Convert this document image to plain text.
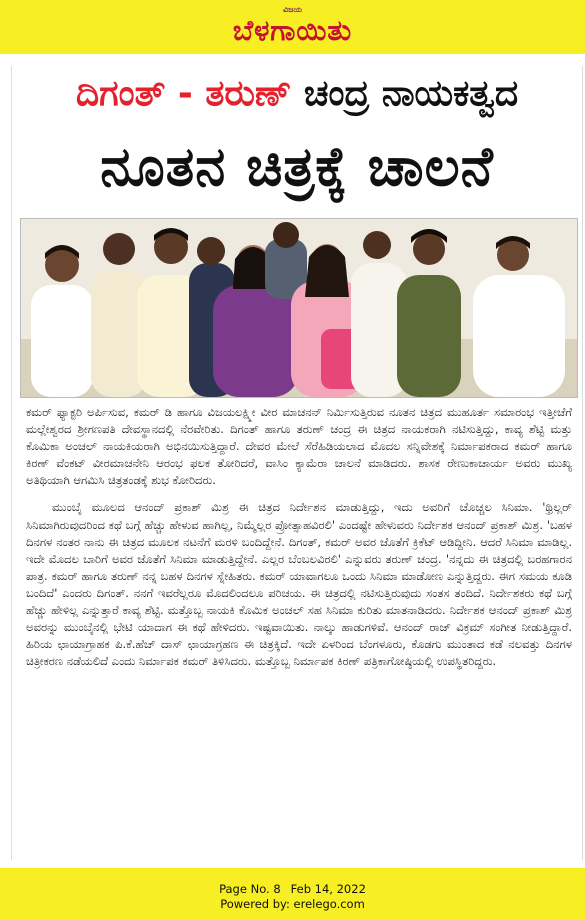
ವಿಜಯ
ಬೆಳಗಾಯಿತು
ದಿಗಂತ್ - ತರುಣ್ ಚಂದ್ರ ನಾಯಕತ್ವದ
ನೂತನ ಚಿತ್ರಕ್ಕೆ ಚಾಲನೆ

ಕಮರ್ ಫ್ಯಾಕ್ಟರಿ ಅರ್ಪಿಸುವ, ಕಮರ್ ಡಿ ಹಾಗೂ ವಿಜಯಲಕ್ಷ್ಮೀ ವೀರ ಮಾಚನನ್ ನಿರ್ಮಿಸುತ್ತಿರುವ ನೂತನ ಚಿತ್ರದ ಮುಹೂರ್ತ ಸಮಾರಂಭ ಇತ್ತೀಚೆಗೆ ಮಲ್ಲೇಶ್ವರದ ಶ್ರೀಗಣಪತಿ ದೇವಸ್ಥಾನದಲ್ಲಿ ನೆರವೇರಿತು. ದಿಗಂತ್ ಹಾಗೂ ತರುಣ್ ಚಂದ್ರ ಈ ಚಿತ್ರದ ನಾಯಕರಾಗಿ ನಟಿಸುತ್ತಿದ್ದು, ಕಾವ್ಯ ಶೆಟ್ಟಿ ಮತ್ತು ಕೊಮಿಕಾ ಅಂಚಲ್ ನಾಯಕಿಯರಾಗಿ ಅಭಿನಯಿಸುತ್ತಿದ್ದಾರೆ. ದೇವರ ಮೇಲೆ ಸೆರೆಹಿಡಿಯಲಾದ ಮೊದಲ ಸನ್ನಿವೇಶಕ್ಕೆ ನಿರ್ಮಾಪಕರಾದ ಕಮರ್ ಹಾಗೂ ಕಿರಣ್ ವೆಂಕಟ್ ವೀರಮಾಚನೇನಿ ಆರಂಭ ಫಲಕ ತೋರಿದರೆ, ವಾಸಿಂ ಕ್ಯಾಮೆರಾ ಚಾಲನೆ ಮಾಡಿದರು. ಶಾಸಕ ರೇಣುಕಾಚಾರ್ಯ ಅವರು ಮುಖ್ಯ ಅತಿಥಿಯಾಗಿ ಆಗಮಿಸಿ ಚಿತ್ರತಂಡಕ್ಕೆ ಶುಭ ಕೋರಿದರು.

ಮುಂಬೈ ಮೂಲದ ಆನಂದ್ ಪ್ರಕಾಶ್ ಮಿಶ್ರ ಈ ಚಿತ್ರದ ನಿರ್ದೇಶನ ಮಾಡುತ್ತಿದ್ದು, ಇದು ಅವರಿಗೆ ಚೊಚ್ಚಲ ಸಿನಿಮಾ. 'ಥ್ರಿಲ್ಲರ್ ಸಿನಿಮಾಗಿರುವುದರಿಂದ ಕಥೆ ಬಗ್ಗೆ ಹೆಚ್ಚು ಹೇಳುವ ಹಾಗಿಲ್ಲ, ನಿಮ್ಮೆಲ್ಲರ ಪ್ರೋತ್ಸಾಹವಿರಲಿ' ಎಂದಷ್ಟೇ ಹೇಳುವರು ನಿರ್ದೇಶಕ ಆನಂದ್ ಪ್ರಕಾಶ್ ಮಿಶ್ರ. 'ಬಹಳ ದಿನಗಳ ನಂತರ ನಾನು ಈ ಚಿತ್ರದ ಮೂಲಕ ನಟನೆಗೆ ಮರಳಿ ಬಂದಿದ್ದೇನೆ. ದಿಗಂತ್, ಕಮರ್ ಅವರ ಜೊತೆಗೆ ಕ್ರಿಕೆಟ್ ಆಡಿದ್ದೀನಿ. ಆದರೆ ಸಿನಿಮಾ ಮಾಡಿಲ್ಲ. ಇದೇ ಮೊದಲ ಬಾರಿಗೆ ಅವರ ಜೊತೆಗೆ ಸಿನಿಮಾ ಮಾಡುತ್ತಿದ್ದೇನೆ. ಎಲ್ಲರ ಬೆಂಬಲವಿರಲಿ' ಎನ್ನುವರು ತರುಣ್ ಚಂದ್ರ. 'ನನ್ನದು ಈ ಚಿತ್ರದಲ್ಲಿ ಬರಹಗಾರನ ಪಾತ್ರ. ಕಮರ್ ಹಾಗೂ ತರುಣ್ ನನ್ನ ಬಹಳ ದಿನಗಳ ಸ್ನೇಹಿತರು. ಕಮರ್ ಯಾವಾಗಲೂ ಒಂದು ಸಿನಿಮಾ ಮಾಡೋಣ ಎನ್ನುತ್ತಿದ್ದರು. ಈಗ ಸಮಯ ಕೂಡಿ ಬಂದಿದೆ' ಎಂದರು ದಿಗಂತ್. ನನಗೆ ಇವರೆಲ್ಲರೂ ಮೊದಲಿಂದಲೂ ಪರಿಚಯ. ಈ ಚಿತ್ರದಲ್ಲಿ ನಟಿಸುತ್ತಿರುವುದು ಸಂತಸ ತಂದಿದೆ. ನಿರ್ದೇಶಕರು ಕಥೆ ಬಗ್ಗೆ ಹೆಚ್ಚು ಹೇಳಿಲ್ಲ ಎನ್ನುತ್ತಾರೆ ಕಾವ್ಯ ಶೆಟ್ಟಿ. ಮತ್ತೊಬ್ಬ ನಾಯಕಿ ಕೊಮಿಕ ಅಂಚಲ್ ಸಹ ಸಿನಿಮಾ ಕುರಿತು ಮಾತನಾಡಿದರು. ನಿರ್ದೇಶಕ ಆನಂದ್ ಪ್ರಕಾಶ್ ಮಿಶ್ರ ಅವರನ್ನು ಮುಂಬೈನಲ್ಲಿ ಭೇಟಿ ಯಾದಾಗ ಈ ಕಥೆ ಹೇಳಿದರು. ಇಷ್ಟವಾಯಿತು. ನಾಲ್ಕು ಹಾಡುಗಳಿವೆ. ಆನಂದ್ ರಾಜ್ ವಿಕ್ರಮ್ ಸಂಗೀತ ನೀಡುತ್ತಿದ್ದಾರೆ. ಹಿರಿಯ ಛಾಯಾಗ್ರಾಹಕ ಪಿ.ಕೆ.ಹೆಚ್ ದಾಸ್ ಛಾಯಾಗ್ರಹಣ ಈ ಚಿತ್ರಕ್ಕಿದೆ. ಇದೇ ಏಳರಿಂದ ಬೆಂಗಳೂರು, ಕೊಡಗು ಮುಂತಾದ ಕಡೆ ನಲವತ್ತು ದಿನಗಳ ಚಿತ್ರೀಕರಣ ನಡೆಯಲಿದೆ ಎಂದು ನಿರ್ಮಾಪಕ ಕಮರ್ ತಿಳಿಸಿದರು. ಮತ್ತೊಬ್ಬ ನಿರ್ಮಾಪಕ ಕಿರಣ್ ಪತ್ರಿಕಾಗೋಷ್ಠಿಯಲ್ಲಿ ಉಪಸ್ಥಿತರಿದ್ದರು.

Page No. 8 Feb 14, 2022
Powered by: erelego.com
